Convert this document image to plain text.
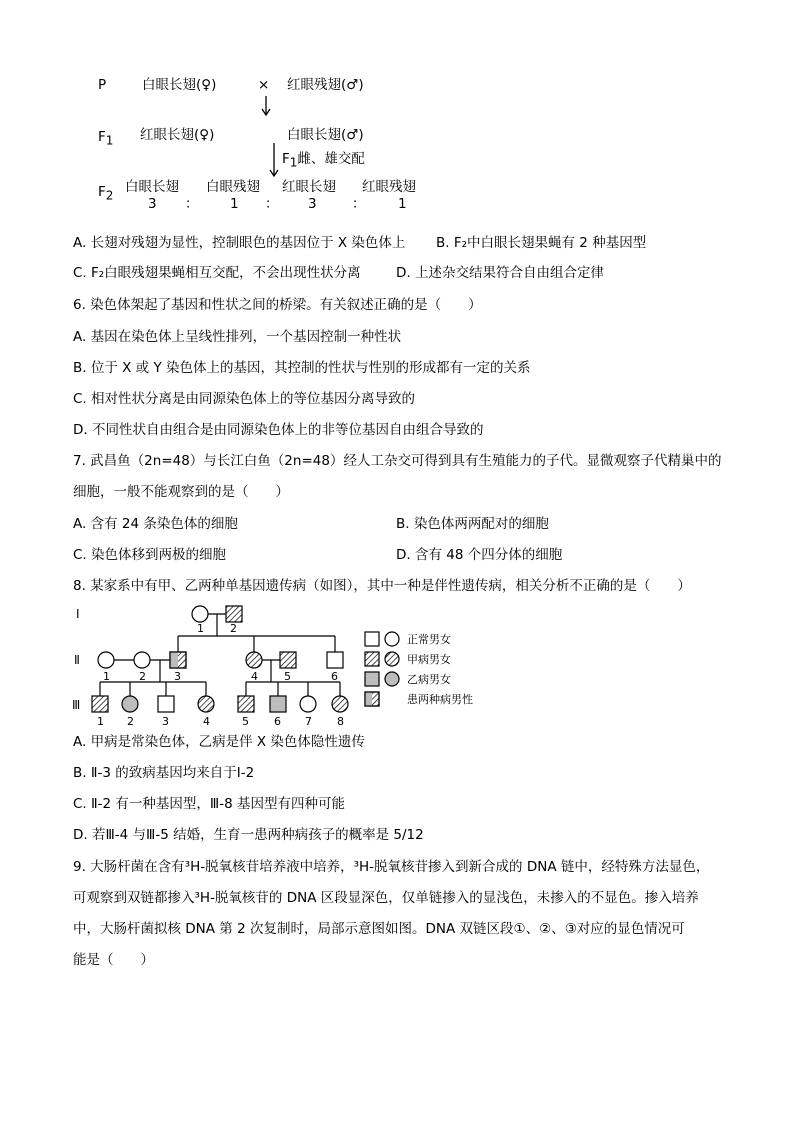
P	白眼长翅(♀)	× 红眼残翅(♂)
$F_1$ 红眼长翅(♀)	白眼长翅(♂)
$F_1$雌、雄交配
$F_2$
白眼长翅 白眼残翅 红眼长翅 红眼残翅
3 ： 1 ： 3	： 1
A. 长翅对残翅为显性，控制眼色的基因位于 X 染色体上 B. F₂中白眼长翅果蝇有 2 种基因型
C. F₂白眼残翅果蝇相互交配，不会出现性状分离	D. 上述杂交结果符合自由组合定律
6. 染色体架起了基因和性状之间的桥梁。有关叙述正确的是（　　）
A. 基因在染色体上呈线性排列，一个基因控制一种性状
B. 位于 X 或 Y 染色体上的基因，其控制的性状与性别的形成都有一定的关系
C. 相对性状分离是由同源染色体上的等位基因分离导致的
D. 不同性状自由组合是由同源染色体上的非等位基因自由组合导致的
7. 武昌鱼（2n=48）与长江白鱼（2n=48）经人工杂交可得到具有生殖能力的子代。显微观察子代精巢中的
细胞，一般不能观察到的是（　　）
A. 含有 24 条染色体的细胞	B. 染色体两两配对的细胞
C. 染色体移到两极的细胞	D. 含有 48 个四分体的细胞
8. 某家系中有甲、乙两种单基因遗传病（如图），其中一种是伴性遗传病，相关分析不正确的是（　　）
Ⅰ
Ⅱ
Ⅲ
1 2
1	2	3	4 5	6
1 2	3	4	5 6 7 8
正常男女
甲病男女
乙病男女
患两种病男性
A. 甲病是常染色体，乙病是伴 X 染色体隐性遗传
B. Ⅱ-3 的致病基因均来自于Ⅰ-2
C. Ⅱ-2 有一种基因型，Ⅲ-8 基因型有四种可能
D. 若Ⅲ-4 与Ⅲ-5 结婚，生育一患两种病孩子的概率是 5/12
9. 大肠杆菌在含有³H-脱氧核苷培养液中培养，³H-脱氧核苷掺入到新合成的 DNA 链中，经特殊方法显色，
可观察到双链都掺入³H-脱氧核苷的 DNA 区段显深色，仅单链掺入的显浅色，未掺入的不显色。掺入培养
中，大肠杆菌拟核 DNA 第 2 次复制时，局部示意图如图。DNA 双链区段①、②、③对应的显色情况可
能是（　　）
